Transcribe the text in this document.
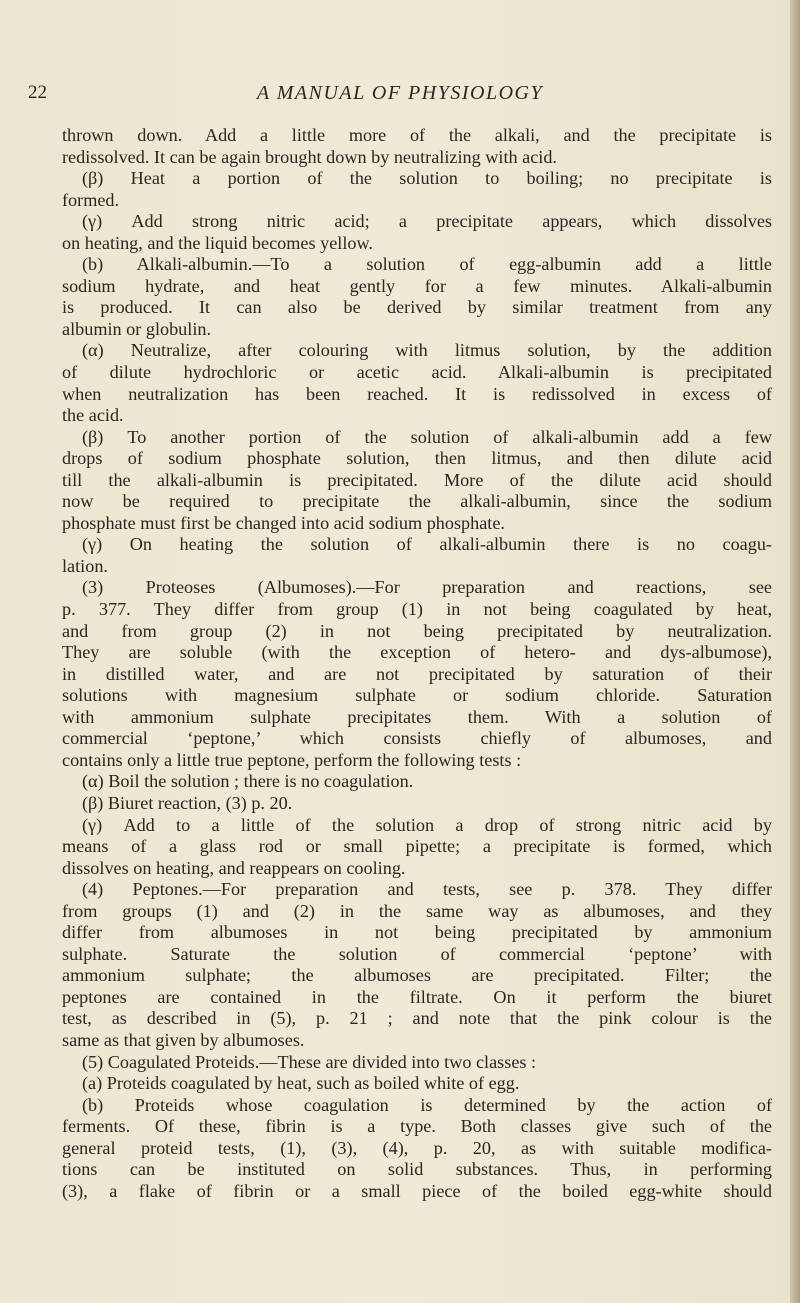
22	A MANUAL OF PHYSIOLOGY
thrown down. Add a little more of the alkali, and the precipitate is
redissolved. It can be again brought down by neutralizing with acid.
(β) Heat a portion of the solution to boiling; no precipitate is
formed.
(γ) Add strong nitric acid; a precipitate appears, which dissolves
on heating, and the liquid becomes yellow.
(b) Alkali-albumin.—To a solution of egg-albumin add a little
sodium hydrate, and heat gently for a few minutes. Alkali-albumin
is produced. It can also be derived by similar treatment from any
albumin or globulin.
(α) Neutralize, after colouring with litmus solution, by the addition
of dilute hydrochloric or acetic acid. Alkali-albumin is precipitated
when neutralization has been reached. It is redissolved in excess of
the acid.
(β) To another portion of the solution of alkali-albumin add a few
drops of sodium phosphate solution, then litmus, and then dilute acid
till the alkali-albumin is precipitated. More of the dilute acid should
now be required to precipitate the alkali-albumin, since the sodium
phosphate must first be changed into acid sodium phosphate.
(γ) On heating the solution of alkali-albumin there is no coagu-
lation.
(3) Proteoses (Albumoses).—For preparation and reactions, see
p. 377. They differ from group (1) in not being coagulated by heat,
and from group (2) in not being precipitated by neutralization.
They are soluble (with the exception of hetero- and dys-albumose),
in distilled water, and are not precipitated by saturation of their
solutions with magnesium sulphate or sodium chloride. Saturation
with ammonium sulphate precipitates them. With a solution of
commercial ‘peptone,’ which consists chiefly of albumoses, and
contains only a little true peptone, perform the following tests :
(α) Boil the solution ; there is no coagulation.
(β) Biuret reaction, (3) p. 20.
(γ) Add to a little of the solution a drop of strong nitric acid by
means of a glass rod or small pipette; a precipitate is formed, which
dissolves on heating, and reappears on cooling.
(4) Peptones.—For preparation and tests, see p. 378. They differ
from groups (1) and (2) in the same way as albumoses, and they
differ from albumoses in not being precipitated by ammonium
sulphate. Saturate the solution of commercial ‘peptone’ with
ammonium sulphate; the albumoses are precipitated. Filter; the
peptones are contained in the filtrate. On it perform the biuret
test, as described in (5), p. 21 ; and note that the pink colour is the
same as that given by albumoses.
(5) Coagulated Proteids.—These are divided into two classes :
(a) Proteids coagulated by heat, such as boiled white of egg.
(b) Proteids whose coagulation is determined by the action of
ferments. Of these, fibrin is a type. Both classes give such of the
general proteid tests, (1), (3), (4), p. 20, as with suitable modifica-
tions can be instituted on solid substances. Thus, in performing
(3), a flake of fibrin or a small piece of the boiled egg-white should
